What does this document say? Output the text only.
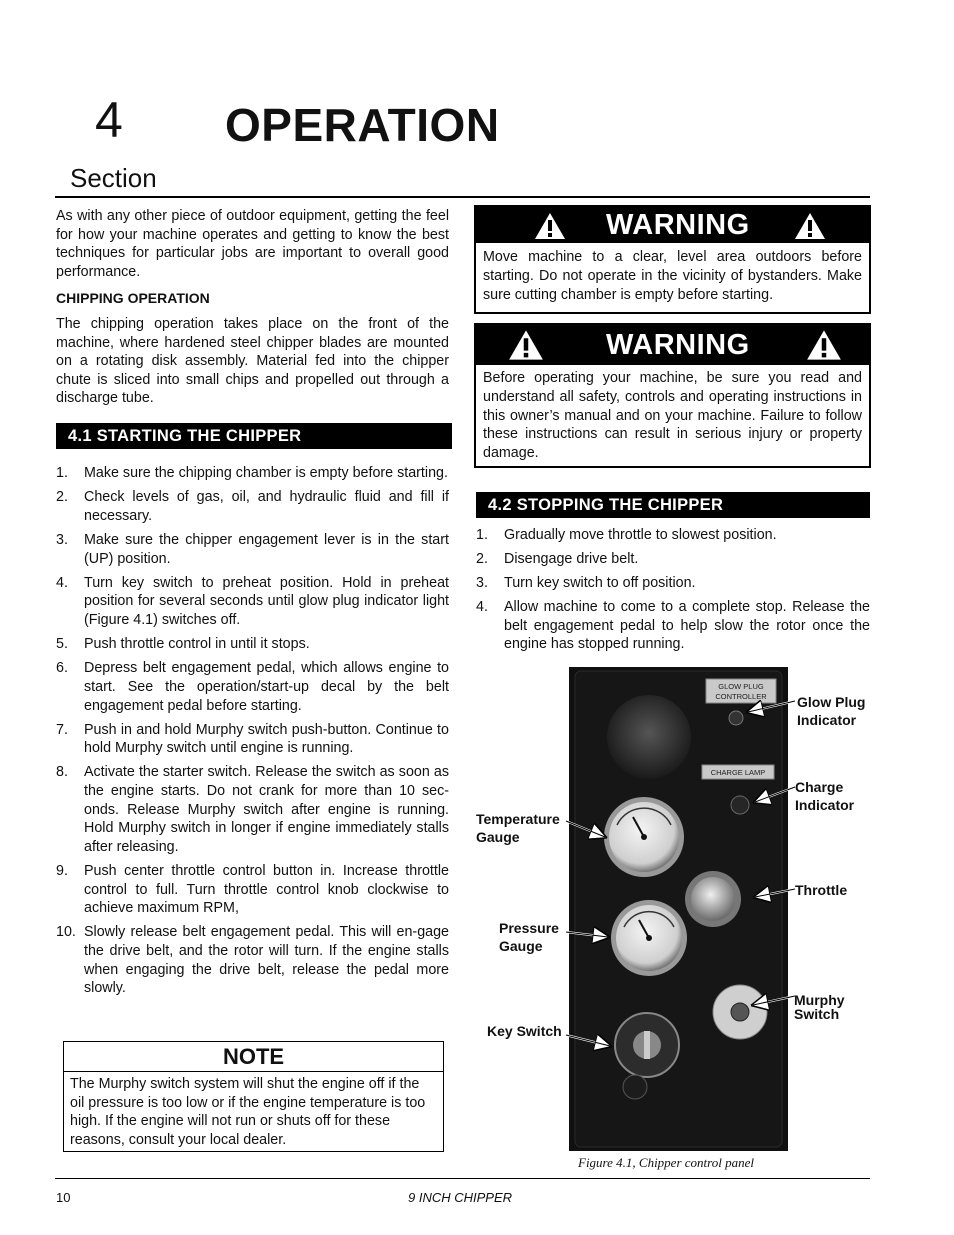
4 OPERATION
Section
As with any other piece of outdoor equipment, getting the feel for how your machine operates and getting to know the best techniques for particular jobs are important to overall good performance.
CHIPPING OPERATION
The chipping operation takes place on the front of the machine, where hardened steel chipper blades are mounted on a rotating disk assembly. Material fed into the chipper chute is sliced into small chips and propelled out through a discharge tube.
4.1 STARTING THE CHIPPER
1. Make sure the chipping chamber is empty before starting.
2. Check levels of gas, oil, and hydraulic fluid and fill if necessary.
3. Make sure the chipper engagement lever is in the start (UP) position.
4. Turn key switch to preheat position. Hold in preheat position for several seconds until glow plug indicator light (Figure 4.1) switches off.
5. Push throttle control in until it stops.
6. Depress belt engagement pedal, which allows engine to start. See the operation/start-up decal by the belt engagement pedal before starting.
7. Push in and hold Murphy switch push-button. Continue to hold Murphy switch until engine is running.
8. Activate the starter switch. Release the switch as soon as the engine starts. Do not crank for more than 10 sec-onds. Release Murphy switch after engine is running. Hold Murphy switch in longer if engine immediately stalls after releasing.
9. Push center throttle control button in. Increase throttle control to full. Turn throttle control knob clockwise to achieve maximum RPM,
10. Slowly release belt engagement pedal. This will en-gage the drive belt, and the rotor will turn. If the engine stalls when engaging the drive belt, release the pedal more slowly.
NOTE
The Murphy switch system will shut the engine off if the oil pressure is too low or if the engine temperature is too high. If the engine will not run or shuts off for these reasons, consult your local dealer.
WARNING
Move machine to a clear, level area outdoors before starting. Do not operate in the vicinity of bystanders. Make sure cutting chamber is empty before starting.
WARNING
Before operating your machine, be sure you read and understand all safety, controls and operating instructions in this owner’s manual and on your machine. Failure to follow these instructions can result in serious injury or property damage.
4.2 STOPPING THE CHIPPER
1. Gradually move throttle to slowest position.
2. Disengage drive belt.
3. Turn key switch to off position.
4. Allow machine to come to a complete stop. Release the belt engagement pedal to help slow the rotor once the engine has stopped running.
GLOW PLUG
CONTROLLER
CHARGE LAMP
Glow Plug Indicator
Charge Indicator
Throttle
Murphy Switch
Temperature Gauge
Pressure Gauge
Key Switch
Figure 4.1, Chipper control panel
10	9 INCH CHIPPER
